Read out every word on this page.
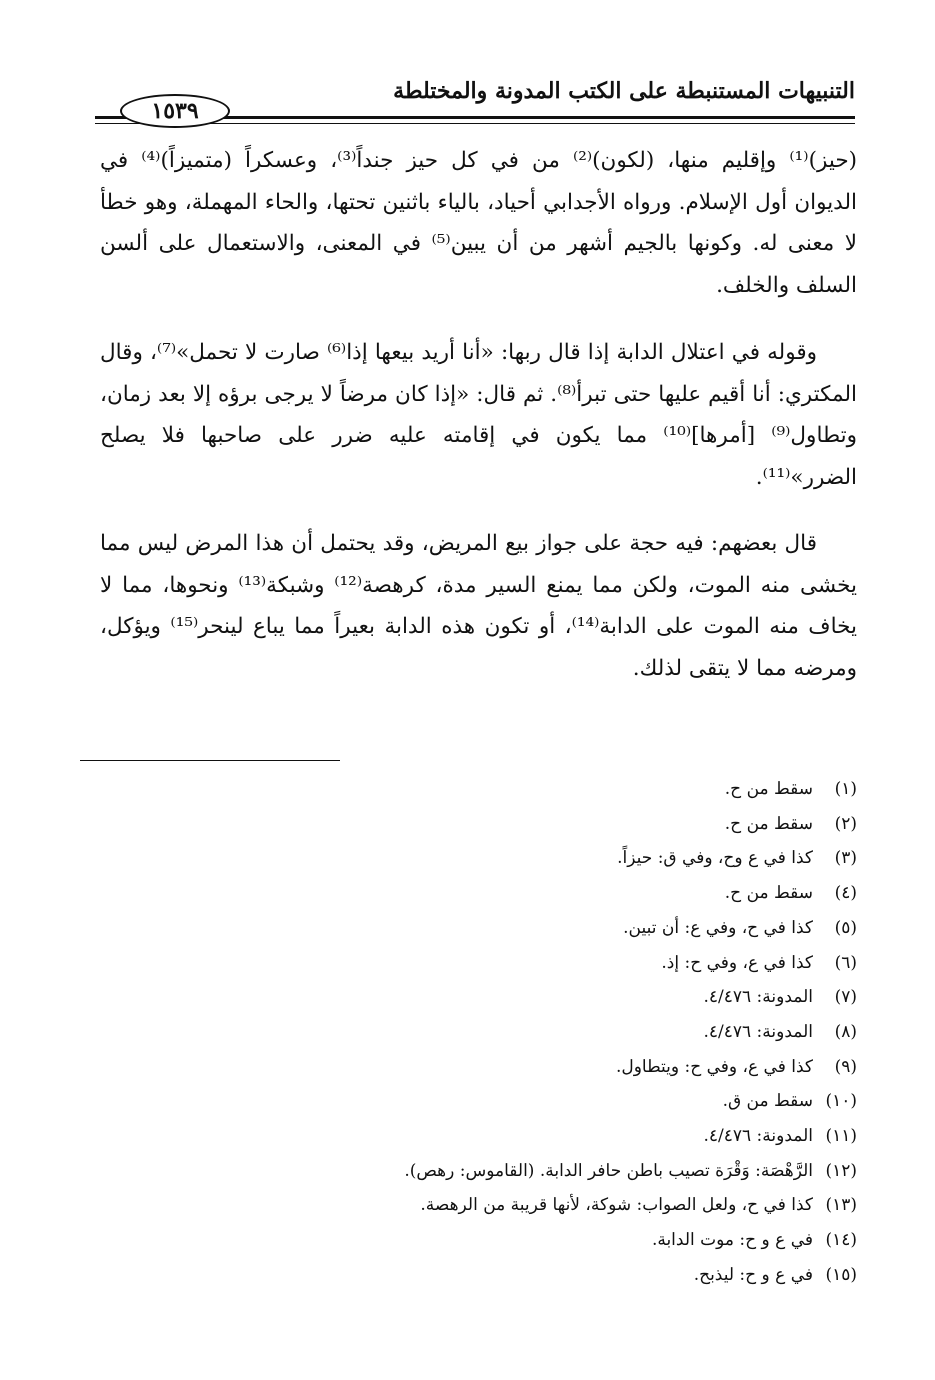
التنبيهات المستنبطة على الكتب المدونة والمختلطة
١٥٣٩

(حيز)⁽¹⁾ وإقليم منها، (لكون)⁽²⁾ من في كل حيز جنداً⁽³⁾، وعسكراً (متميزاً)⁽⁴⁾ في الديوان أول الإسلام. ورواه الأجدابي أحياد، بالياء باثنين تحتها، والحاء المهملة، وهو خطأ لا معنى له. وكونها بالجيم أشهر من أن يبين⁽⁵⁾ في المعنى، والاستعمال على ألسن السلف والخلف.

وقوله في اعتلال الدابة إذا قال ربها: «أنا أريد بيعها إذا⁽⁶⁾ صارت لا تحمل»⁽⁷⁾، وقال المكتري: أنا أقيم عليها حتى تبرأ⁽⁸⁾. ثم قال: «إذا كان مرضاً لا يرجى برؤه إلا بعد زمان، وتطاول⁽⁹⁾ [أمرها]⁽¹⁰⁾ مما يكون في إقامته عليه ضرر على صاحبها فلا يصلح الضرر»⁽¹¹⁾.

قال بعضهم: فيه حجة على جواز بيع المريض، وقد يحتمل أن هذا المرض ليس مما يخشى منه الموت، ولكن مما يمنع السير مدة، كرهصة⁽¹²⁾ وشبكة⁽¹³⁾ ونحوها، مما لا يخاف منه الموت على الدابة⁽¹⁴⁾، أو تكون هذه الدابة بعيراً مما يباع لينحر⁽¹⁵⁾ ويؤكل، ومرضه مما لا يتقى لذلك.

(١)
سقط من ح.
(٢)
سقط من ح.
(٣)
كذا في ع وح، وفي ق: حيزاً.
(٤)
سقط من ح.
(٥)
كذا في ح، وفي ع: أن تبين.
(٦)
كذا في ع، وفي ح: إذ.
(٧)
المدونة: ٤/٤٧٦.
(٨)
المدونة: ٤/٤٧٦.
(٩)
كذا في ع، وفي ح: ويتطاول.
(١٠)
سقط من ق.
(١١)
المدونة: ٤/٤٧٦.
(١٢)
الرَّهْصَة: وَقْرَة تصيب باطن حافر الدابة. (القاموس: رهص).
(١٣)
كذا في ح، ولعل الصواب: شوكة، لأنها قريبة من الرهصة.
(١٤)
في ع و ح: موت الدابة.
(١٥)
في ع و ح: ليذبح.
